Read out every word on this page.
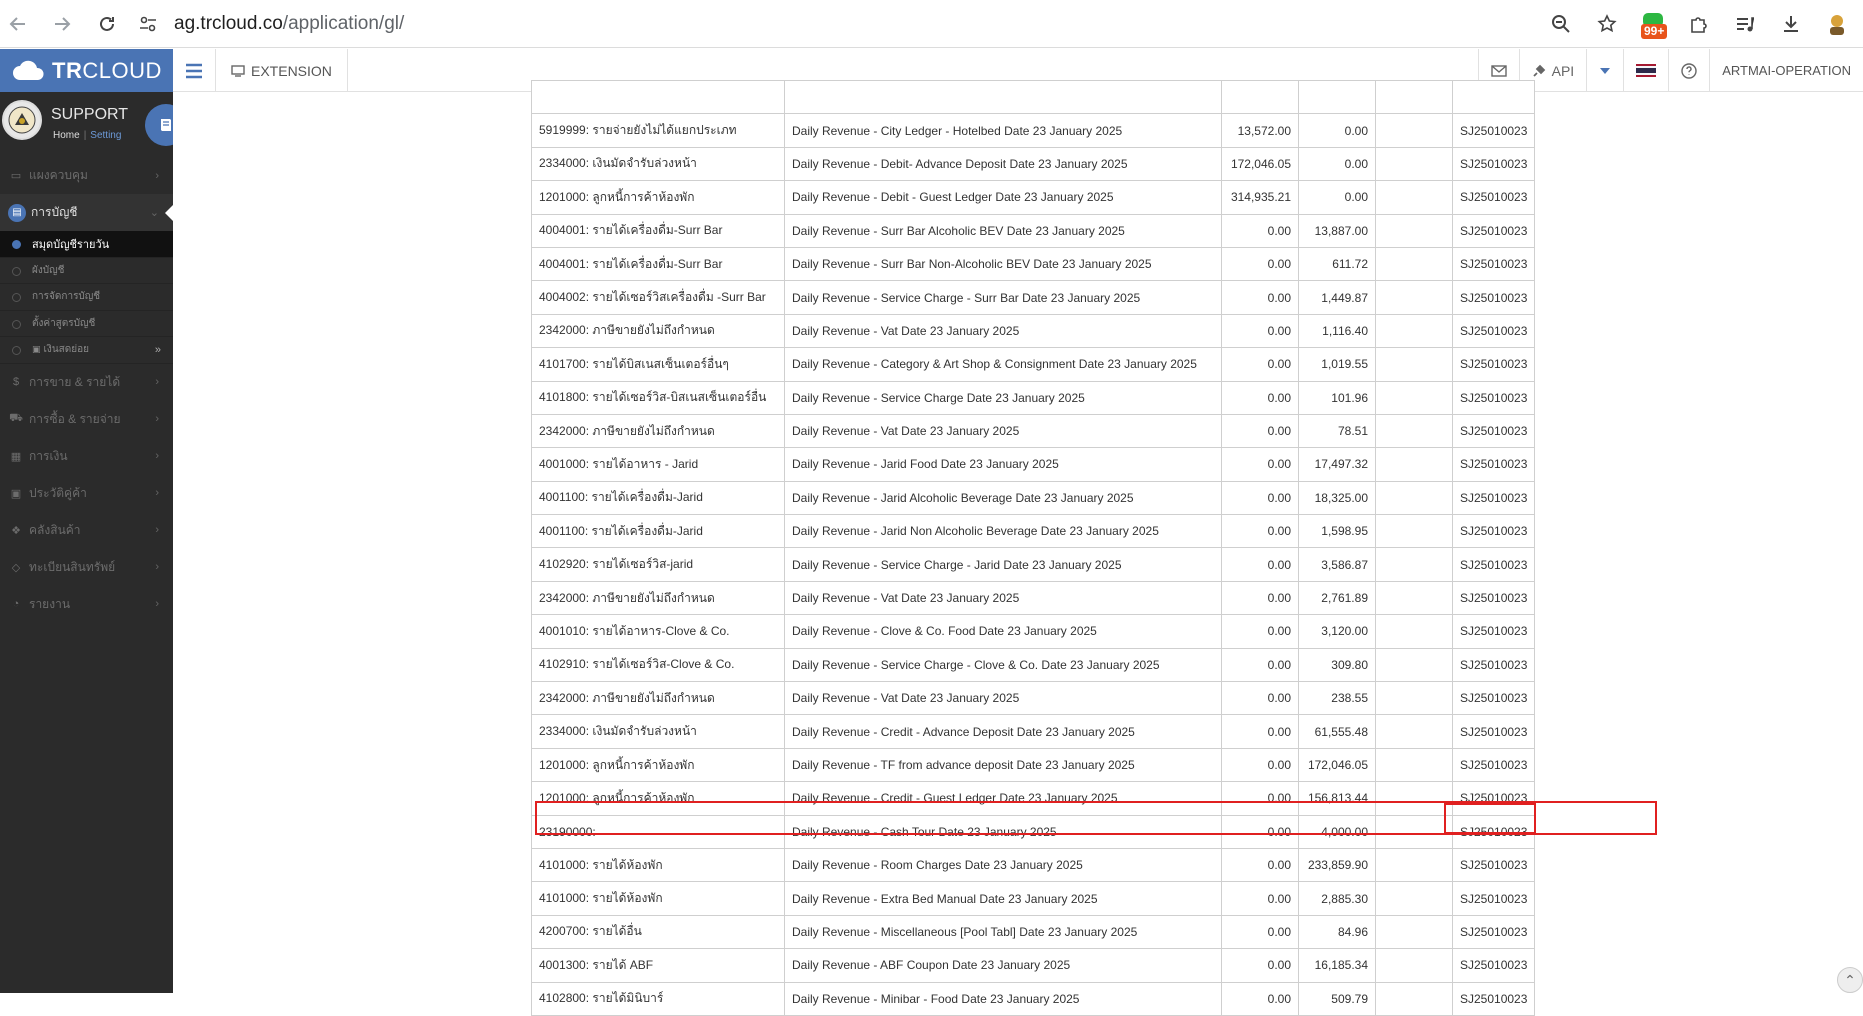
ag.trcloud.co /application/gl/	99+
TRCLOUD	EXTENSION	API	ARTMAI-OPERATION
SUPPORT
Home | Setting
▭ แผงควบคุม	›
▤ การบัญชี	⌄
สมุดบัญชีรายวัน
ผังบัญชี
การจัดการบัญชี
ตั้งค่าสูตรบัญชี
▣ เงินสดย่อย	»
$ การขาย & รายได้	›
⛟ การซื้อ & รายจ่าย	›
▦ การเงิน	›
▣ ประวัติคู่ค้า	›
❖ คลังสินค้า	›
◇ ทะเบียนสินทรัพย์	›
◔ รายงาน	›

5919999: รายจ่ายยังไม่ได้แยกประเภท	Daily Revenue - City Ledger - Hotelbed Date 23 January 2025	13,572.00	0.00		SJ25010023
2334000: เงินมัดจำรับล่วงหน้า	Daily Revenue - Debit- Advance Deposit Date 23 January 2025	172,046.05	0.00		SJ25010023
1201000: ลูกหนี้การค้าห้องพัก	Daily Revenue - Debit - Guest Ledger Date 23 January 2025	314,935.21	0.00		SJ25010023
4004001: รายได้เครื่องดื่ม-Surr Bar	Daily Revenue - Surr Bar Alcoholic BEV Date 23 January 2025	0.00	13,887.00		SJ25010023
4004001: รายได้เครื่องดื่ม-Surr Bar	Daily Revenue - Surr Bar Non-Alcoholic BEV Date 23 January 2025	0.00	611.72		SJ25010023
4004002: รายได้เซอร์วิสเครื่องดื่ม -Surr Bar	Daily Revenue - Service Charge - Surr Bar Date 23 January 2025	0.00	1,449.87		SJ25010023
2342000: ภาษีขายยังไม่ถึงกำหนด	Daily Revenue - Vat Date 23 January 2025	0.00	1,116.40		SJ25010023
4101700: รายได้บิสเนสเซ็นเตอร์อื่นๆ	Daily Revenue - Category & Art Shop & Consignment Date 23 January 2025	0.00	1,019.55		SJ25010023
4101800: รายได้เซอร์วิส-บิสเนสเซ็นเตอร์อื่น	Daily Revenue - Service Charge Date 23 January 2025	0.00	101.96		SJ25010023
2342000: ภาษีขายยังไม่ถึงกำหนด	Daily Revenue - Vat Date 23 January 2025	0.00	78.51		SJ25010023
4001000: รายได้อาหาร - Jarid	Daily Revenue - Jarid Food Date 23 January 2025	0.00	17,497.32		SJ25010023
4001100: รายได้เครื่องดื่ม-Jarid	Daily Revenue - Jarid Alcoholic Beverage Date 23 January 2025	0.00	18,325.00		SJ25010023
4001100: รายได้เครื่องดื่ม-Jarid	Daily Revenue - Jarid Non Alcoholic Beverage Date 23 January 2025	0.00	1,598.95		SJ25010023
4102920: รายได้เซอร์วิส-jarid	Daily Revenue - Service Charge - Jarid Date 23 January 2025	0.00	3,586.87		SJ25010023
2342000: ภาษีขายยังไม่ถึงกำหนด	Daily Revenue - Vat Date 23 January 2025	0.00	2,761.89		SJ25010023
4001010: รายได้อาหาร-Clove & Co.	Daily Revenue - Clove & Co. Food Date 23 January 2025	0.00	3,120.00		SJ25010023
4102910: รายได้เซอร์วิส-Clove & Co.	Daily Revenue - Service Charge - Clove & Co. Date 23 January 2025	0.00	309.80		SJ25010023
2342000: ภาษีขายยังไม่ถึงกำหนด	Daily Revenue - Vat Date 23 January 2025	0.00	238.55		SJ25010023
2334000: เงินมัดจำรับล่วงหน้า	Daily Revenue - Credit - Advance Deposit Date 23 January 2025	0.00	61,555.48		SJ25010023
1201000: ลูกหนี้การค้าห้องพัก	Daily Revenue - TF from advance deposit Date 23 January 2025	0.00	172,046.05		SJ25010023
1201000: ลูกหนี้การค้าห้องพัก	Daily Revenue - Credit - Guest Ledger Date 23 January 2025	0.00	156,813.44		SJ25010023
23190000:	Daily Revenue - Cash Tour Date 23 January 2025	0.00	4,000.00		SJ25010023
4101000: รายได้ห้องพัก	Daily Revenue - Room Charges Date 23 January 2025	0.00	233,859.90		SJ25010023
4101000: รายได้ห้องพัก	Daily Revenue - Extra Bed Manual Date 23 January 2025	0.00	2,885.30		SJ25010023
4200700: รายได้อื่น	Daily Revenue - Miscellaneous [Pool Tabl] Date 23 January 2025	0.00	84.96		SJ25010023
4001300: รายได้ ABF	Daily Revenue - ABF Coupon Date 23 January 2025	0.00	16,185.34		SJ25010023
4102800: รายได้มินิบาร์	Daily Revenue - Minibar - Food Date 23 January 2025	0.00	509.79		SJ25010023
⌃
